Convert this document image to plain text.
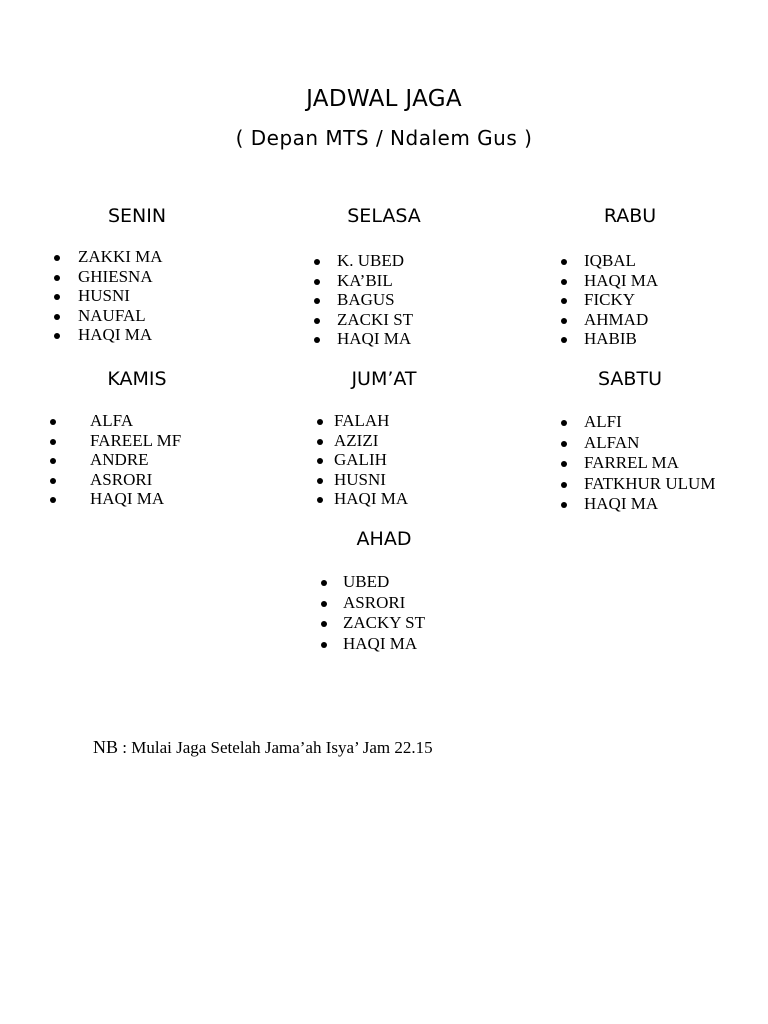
JADWAL JAGA
( Depan MTS / Ndalem Gus )
SENIN
ZAKKI MA
GHIESNA
HUSNI
NAUFAL
HAQI MA
SELASA
K. UBED
KA’BIL
BAGUS
ZACKI ST
HAQI MA
RABU
IQBAL
HAQI MA
FICKY
AHMAD
HABIB
KAMIS
ALFA
FAREEL MF
ANDRE
ASRORI
HAQI MA
JUM’AT
FALAH
AZIZI
GALIH
HUSNI
HAQI MA
SABTU
ALFI
ALFAN
FARREL MA
FATKHUR ULUM
HAQI MA
AHAD
UBED
ASRORI
ZACKY ST
HAQI MA
NB : Mulai Jaga Setelah Jama’ah Isya’ Jam 22.15
